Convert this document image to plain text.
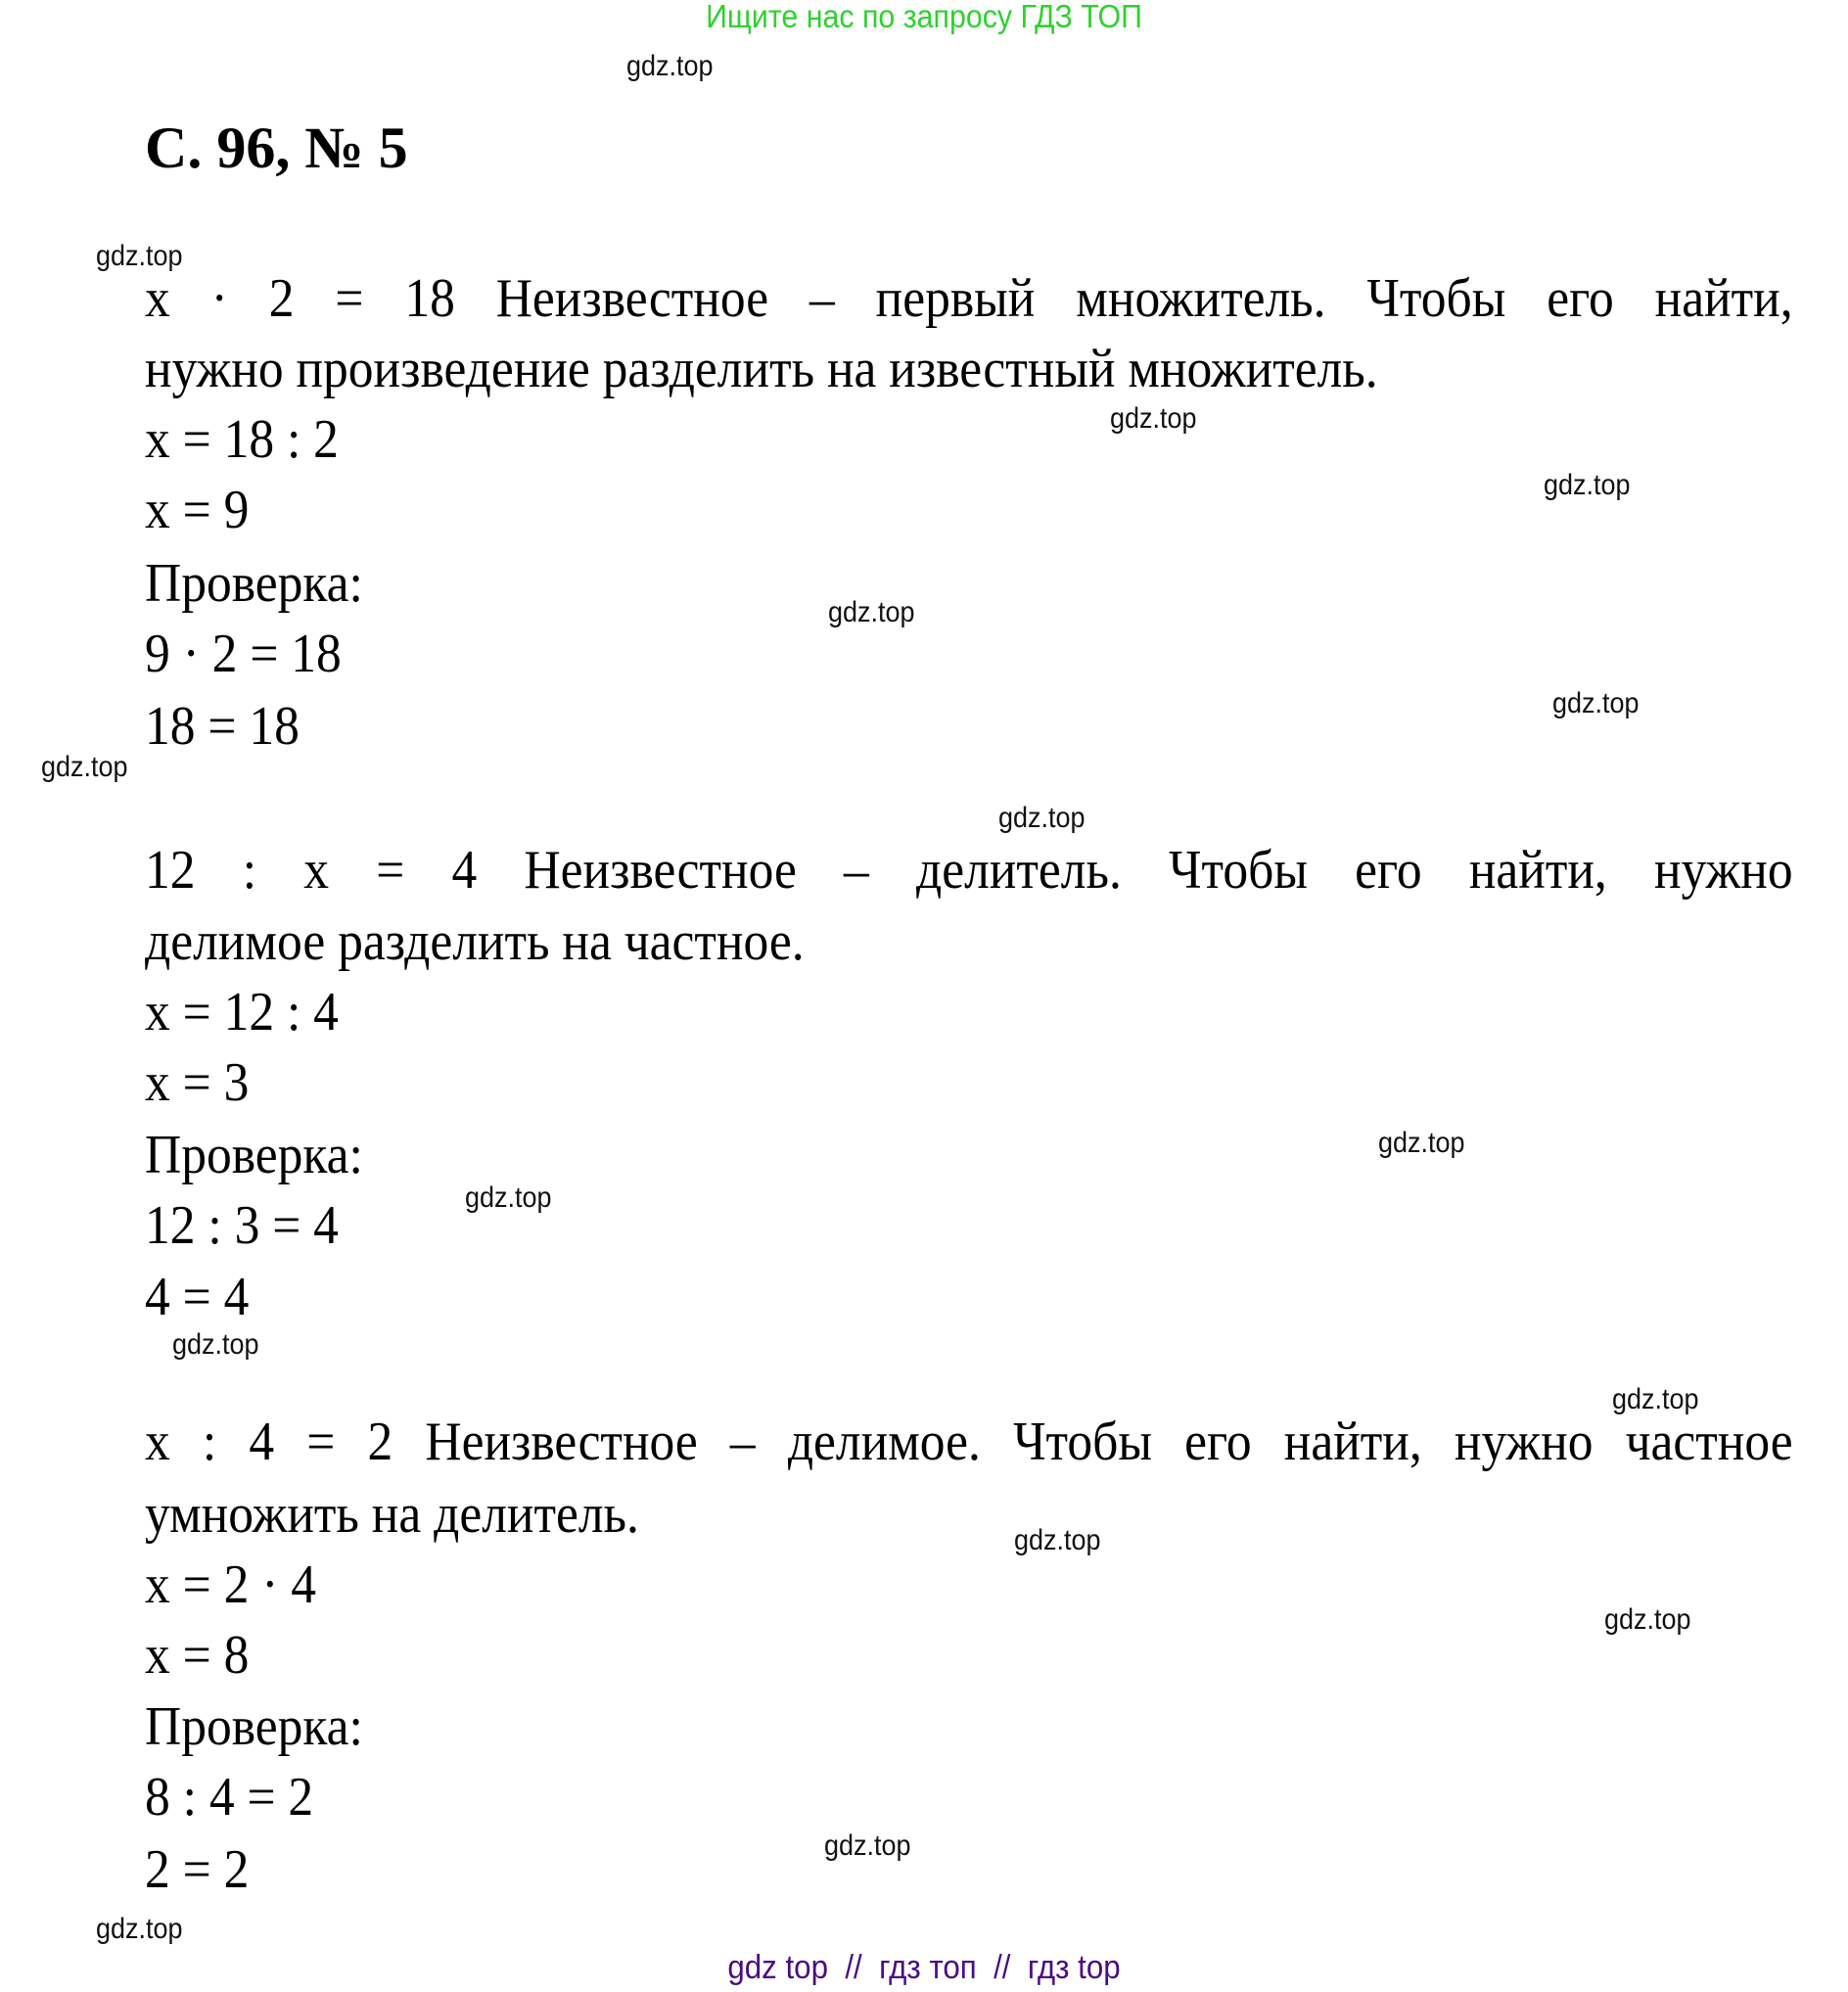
Ищите нас по запросу ГДЗ ТОП
С. 96, № 5
x · 2 = 18 Неизвестное – первый множитель. Чтобы его найти,
нужно произведение разделить на известный множитель.
x = 18 : 2
x = 9
Проверка:
9 · 2 = 18
18 = 18
12 : x = 4 Неизвестное – делитель. Чтобы его найти, нужно
делимое разделить на частное.
x = 12 : 4
x = 3
Проверка:
12 : 3 = 4
4 = 4
x : 4 = 2 Неизвестное – делимое. Чтобы его найти, нужно частное
умножить на делитель.
x = 2 · 4
x = 8
Проверка:
8 : 4 = 2
2 = 2
gdz.top
gdz.top
gdz.top
gdz.top
gdz.top
gdz.top
gdz.top
gdz.top
gdz.top
gdz.top
gdz.top
gdz.top
gdz.top
gdz.top
gdz.top
gdz.top
gdz top  //  гдз топ  //  гдз top
